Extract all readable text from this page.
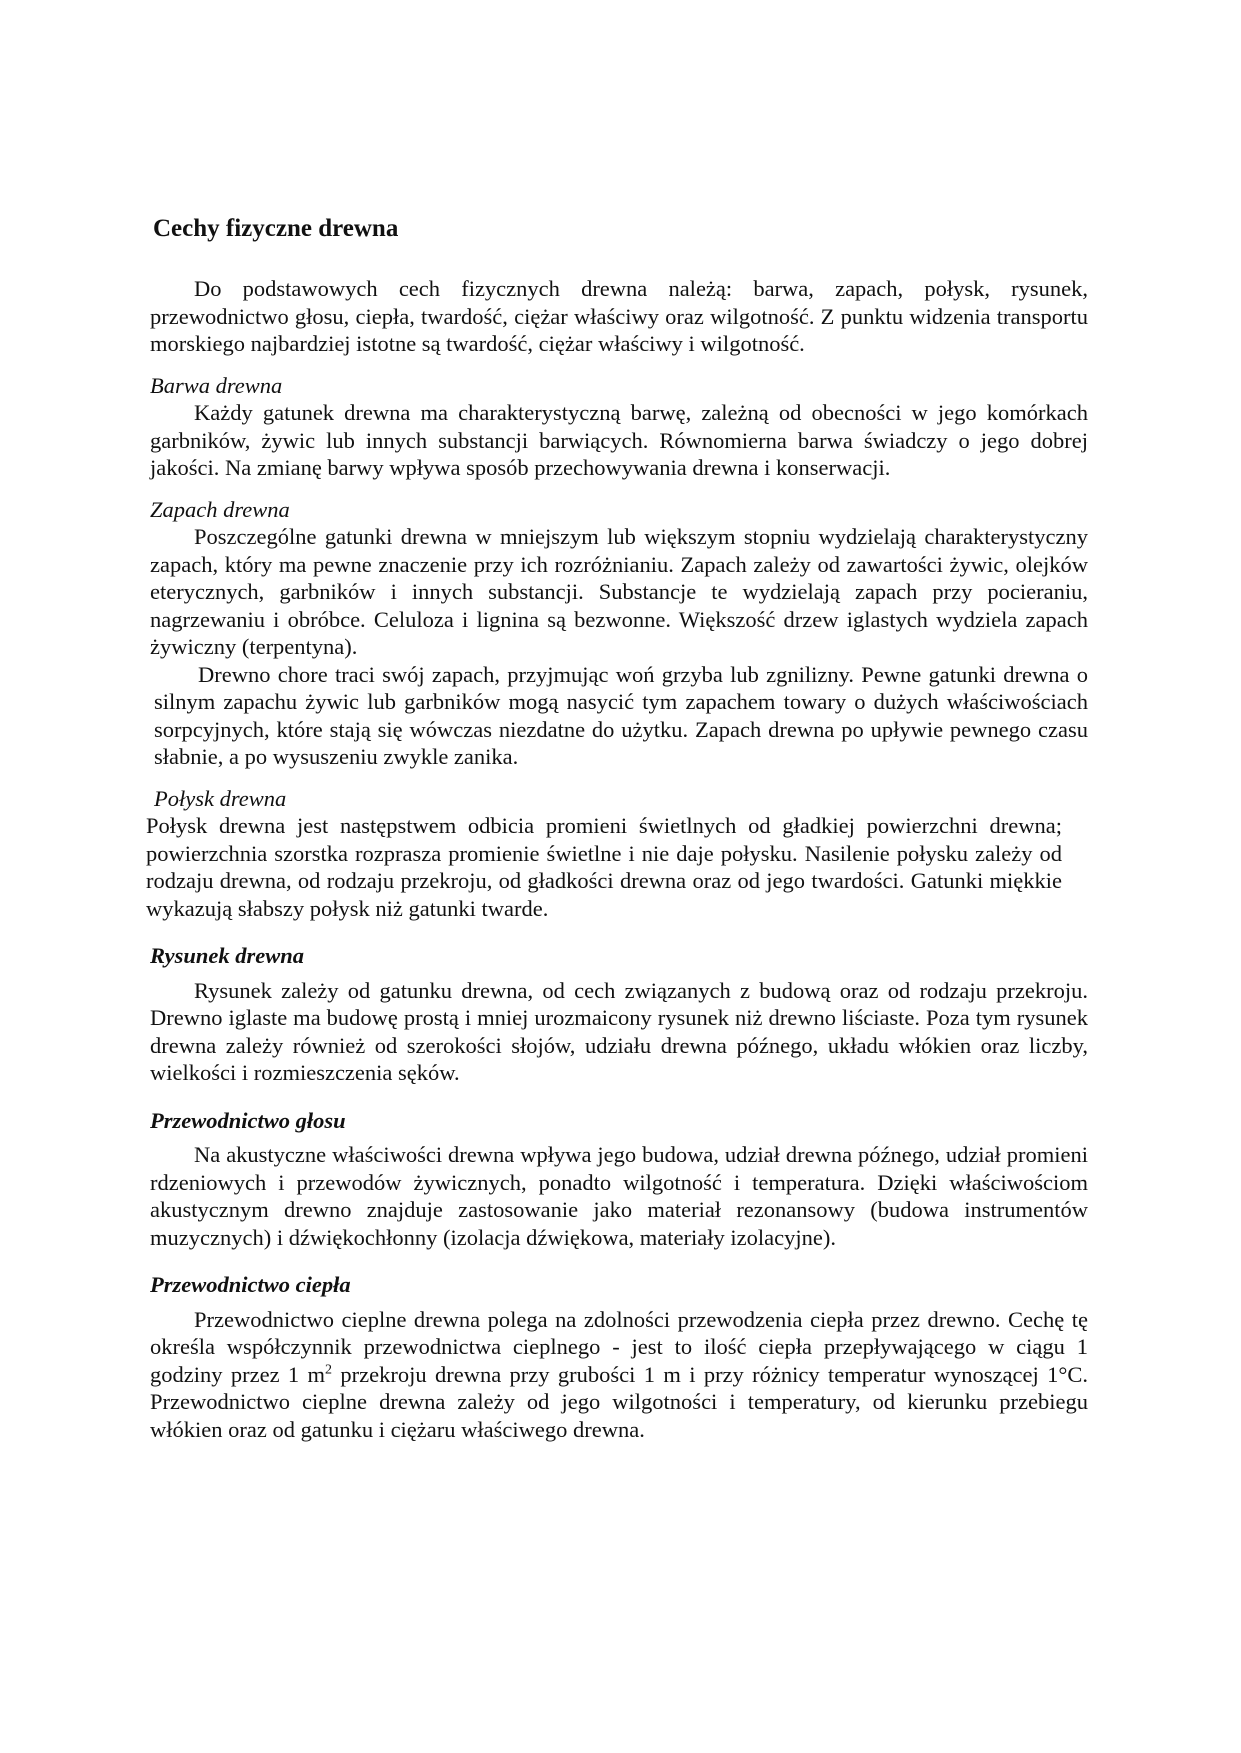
Cechy fizyczne drewna

Do podstawowych cech fizycznych drewna należą: barwa, zapach, połysk, rysunek, przewodnictwo głosu, ciepła, twardość, ciężar właściwy oraz wilgotność. Z punktu widzenia transportu morskiego najbardziej istotne są twardość, ciężar właściwy i wilgotność.

Barwa drewna

Każdy gatunek drewna ma charakterystyczną barwę, zależną od obecności w jego komórkach garbników, żywic lub innych substancji barwiących. Równomierna barwa świadczy o jego dobrej jakości. Na zmianę barwy wpływa sposób przechowywania drewna i konserwacji.

Zapach drewna

Poszczególne gatunki drewna w mniejszym lub większym stopniu wydzielają charakterystyczny zapach, który ma pewne znaczenie przy ich rozróżnianiu. Zapach zależy od zawartości żywic, olejków eterycznych, garbników i innych substancji. Substancje te wydzielają zapach przy pocieraniu, nagrzewaniu i obróbce. Celuloza i lignina są bezwonne. Większość drzew iglastych wydziela zapach żywiczny (terpentyna).

Drewno chore traci swój zapach, przyjmując woń grzyba lub zgnilizny. Pewne gatunki drewna o silnym zapachu żywic lub garbników mogą nasycić tym zapachem towary o dużych właściwościach sorpcyjnych, które stają się wówczas niezdatne do użytku. Zapach drewna po upływie pewnego czasu słabnie, a po wysuszeniu zwykle zanika.

Połysk drewna

Połysk drewna jest następstwem odbicia promieni świetlnych od gładkiej powierzchni drewna; powierzchnia szorstka rozprasza promienie świetlne i nie daje połysku. Nasilenie połysku zależy od rodzaju drewna, od rodzaju przekroju, od gładkości drewna oraz od jego twardości. Gatunki miękkie wykazują słabszy połysk niż gatunki twarde.

Rysunek drewna

Rysunek zależy od gatunku drewna, od cech związanych z budową oraz od rodzaju przekroju. Drewno iglaste ma budowę prostą i mniej urozmaicony rysunek niż drewno liściaste. Poza tym rysunek drewna zależy również od szerokości słojów, udziału drewna późnego, układu włókien oraz liczby, wielkości i rozmieszczenia sęków.

Przewodnictwo głosu

Na akustyczne właściwości drewna wpływa jego budowa, udział drewna późnego, udział promieni rdzeniowych i przewodów żywicznych, ponadto wilgotność i temperatura. Dzięki właściwościom akustycznym drewno znajduje zastosowanie jako materiał rezonansowy (budowa instrumentów muzycznych) i dźwiękochłonny (izolacja dźwiękowa, materiały izolacyjne).

Przewodnictwo ciepła

Przewodnictwo cieplne drewna polega na zdolności przewodzenia ciepła przez drewno. Cechę tę określa współczynnik przewodnictwa cieplnego - jest to ilość ciepła przepływającego w ciągu 1 godziny przez 1 $m^2$ przekroju drewna przy grubości 1 m i przy różnicy temperatur wynoszącej 1°C. Przewodnictwo cieplne drewna zależy od jego wilgotności i temperatury, od kierunku przebiegu włókien oraz od gatunku i ciężaru właściwego drewna.
